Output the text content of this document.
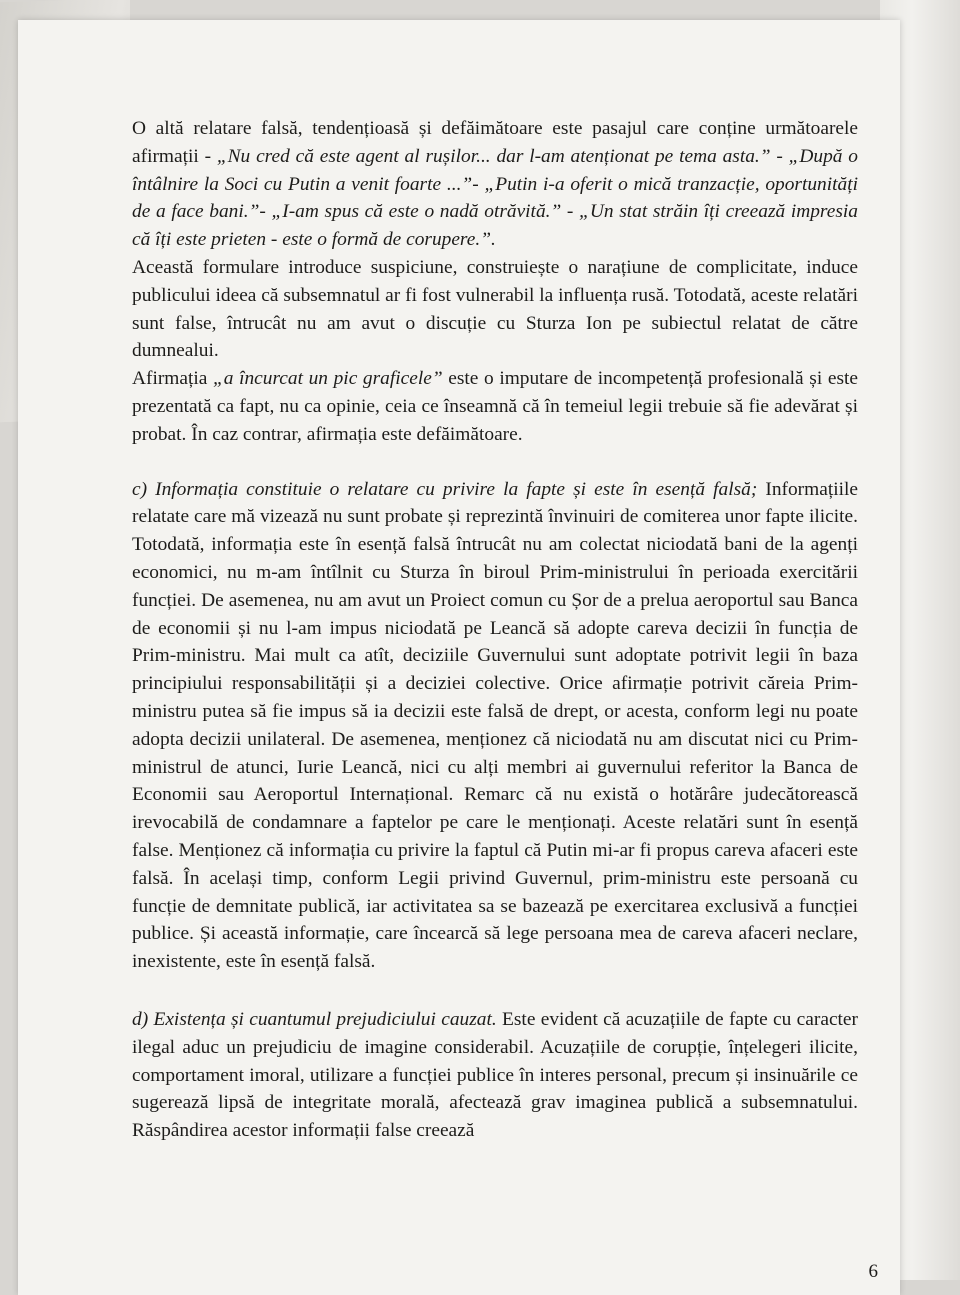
O altă relatare falsă, tendențioasă și defăimătoare este pasajul care conține următoarele afirmații - „Nu cred că este agent al rușilor... dar l-am atenționat pe tema asta.” - „După o întâlnire la Soci cu Putin a venit foarte ...”- „Putin i-a oferit o mică tranzacție, oportunități de a face bani.”- „I-am spus că este o nadă otrăvită.” - „Un stat străin îți creează impresia că îți este prieten - este o formă de corupere.”.

Această formulare introduce suspiciune, construiește o narațiune de complicitate, induce publicului ideea că subsemnatul ar fi fost vulnerabil la influența rusă. Totodată, aceste relatări sunt false, întrucât nu am avut o discuție cu Sturza Ion pe subiectul relatat de către dumnealui.

Afirmația „a încurcat un pic graficele” este o imputare de incompetență profesională și este prezentată ca fapt, nu ca opinie, ceia ce înseamnă că în temeiul legii trebuie să fie adevărat și probat. În caz contrar, afirmația este defăimătoare.

c) Informația constituie o relatare cu privire la fapte și este în esență falsă; Informațiile relatate care mă vizează nu sunt probate și reprezintă învinuiri de comiterea unor fapte ilicite. Totodată, informația este în esență falsă întrucât nu am colectat niciodată bani de la agenți economici, nu m-am întîlnit cu Sturza în biroul Prim-ministrului în perioada exercitării funcției. De asemenea, nu am avut un Proiect comun cu Șor de a prelua aeroportul sau Banca de economii și nu l-am impus niciodată pe Leancă să adopte careva decizii în funcția de Prim-ministru. Mai mult ca atît, deciziile Guvernului sunt adoptate potrivit legii în baza principiului responsabilității și a deciziei colective. Orice afirmație potrivit căreia Prim-ministru putea să fie impus să ia decizii este falsă de drept, or acesta, conform legi nu poate adopta decizii unilateral. De asemenea, menționez că niciodată nu am discutat nici cu Prim-ministrul de atunci, Iurie Leancă, nici cu alți membri ai guvernului referitor la Banca de Economii sau Aeroportul Internațional. Remarc că nu există o hotărâre judecătorească irevocabilă de condamnare a faptelor pe care le menționați. Aceste relatări sunt în esență false. Menționez că informația cu privire la faptul că Putin mi-ar fi propus careva afaceri este falsă. În același timp, conform Legii privind Guvernul, prim-ministru este persoană cu funcție de demnitate publică, iar activitatea sa se bazează pe exercitarea exclusivă a funcției publice. Și această informație, care încearcă să lege persoana mea de careva afaceri neclare, inexistente, este în esență falsă.

d) Existența și cuantumul prejudiciului cauzat. Este evident că acuzațiile de fapte cu caracter ilegal aduc un prejudiciu de imagine considerabil. Acuzațiile de corupție, înțelegeri ilicite, comportament imoral, utilizare a funcției publice în interes personal, precum și insinuările ce sugerează lipsă de integritate morală, afectează grav imaginea publică a subsemnatului. Răspândirea acestor informații false creează

6
